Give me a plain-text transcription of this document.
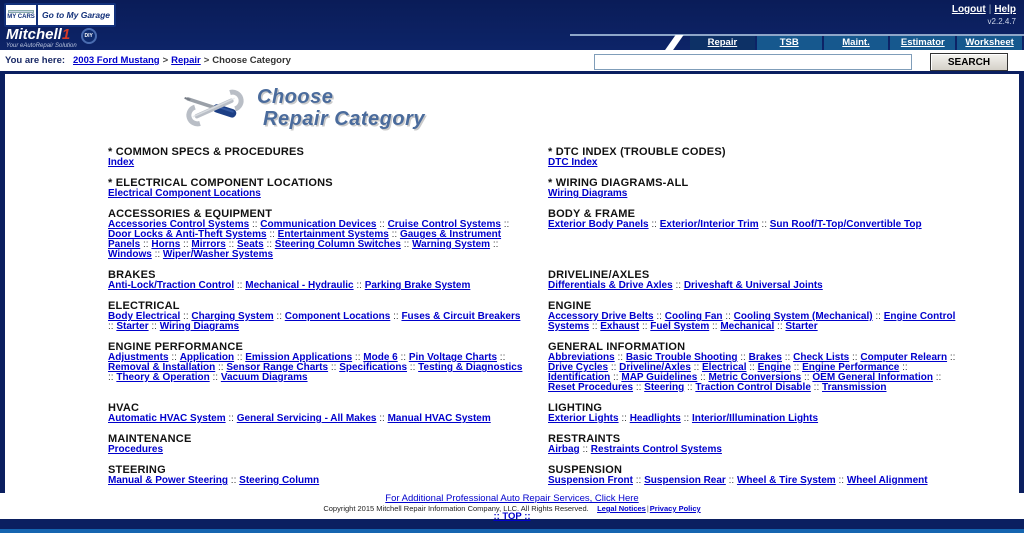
MY CARS Go to My Garage	Logout | Help
v2.2.4.7
Mitchell1
Your eAutoRepair Solution
DIY
Repair	TSB	Maint.	Estimator	Worksheet
You are here: 2003 Ford Mustang > Repair > Choose Category	SEARCH
Choose
Repair Category
* COMMON SPECS & PROCEDURES
Index
* DTC INDEX (TROUBLE CODES)
DTC Index
* ELECTRICAL COMPONENT LOCATIONS
Electrical Component Locations
* WIRING DIAGRAMS-ALL
Wiring Diagrams
ACCESSORIES & EQUIPMENT
Accessories Control Systems :: Communication Devices :: Cruise Control Systems :: Door Locks & Anti-Theft Systems :: Entertainment Systems :: Gauges & Instrument Panels :: Horns :: Mirrors :: Seats :: Steering Column Switches :: Warning System :: Windows :: Wiper/Washer Systems
BODY & FRAME
Exterior Body Panels :: Exterior/Interior Trim :: Sun Roof/T-Top/Convertible Top
BRAKES
Anti-Lock/Traction Control :: Mechanical - Hydraulic :: Parking Brake System
DRIVELINE/AXLES
Differentials & Drive Axles :: Driveshaft & Universal Joints
ELECTRICAL
Body Electrical :: Charging System :: Component Locations :: Fuses & Circuit Breakers :: Starter :: Wiring Diagrams
ENGINE
Accessory Drive Belts :: Cooling Fan :: Cooling System (Mechanical) :: Engine Control Systems :: Exhaust :: Fuel System :: Mechanical :: Starter
ENGINE PERFORMANCE
Adjustments :: Application :: Emission Applications :: Mode 6 :: Pin Voltage Charts :: Removal & Installation :: Sensor Range Charts :: Specifications :: Testing & Diagnostics :: Theory & Operation :: Vacuum Diagrams
GENERAL INFORMATION
Abbreviations :: Basic Trouble Shooting :: Brakes :: Check Lists :: Computer Relearn :: Drive Cycles :: Driveline/Axles :: Electrical :: Engine :: Engine Performance :: Identification :: MAP Guidelines :: Metric Conversions :: OEM General Information :: Reset Procedures :: Steering :: Traction Control Disable :: Transmission
HVAC
Automatic HVAC System :: General Servicing - All Makes :: Manual HVAC System
LIGHTING
Exterior Lights :: Headlights :: Interior/Illumination Lights
MAINTENANCE
Procedures
RESTRAINTS
Airbag :: Restraints Control Systems
STEERING
Manual & Power Steering :: Steering Column
SUSPENSION
Suspension Front :: Suspension Rear :: Wheel & Tire System :: Wheel Alignment
For Additional Professional Auto Repair Services, Click Here
Copyright 2015 Mitchell Repair Information Company, LLC. All Rights Reserved. Legal Notices|Privacy Policy
:: TOP ::
